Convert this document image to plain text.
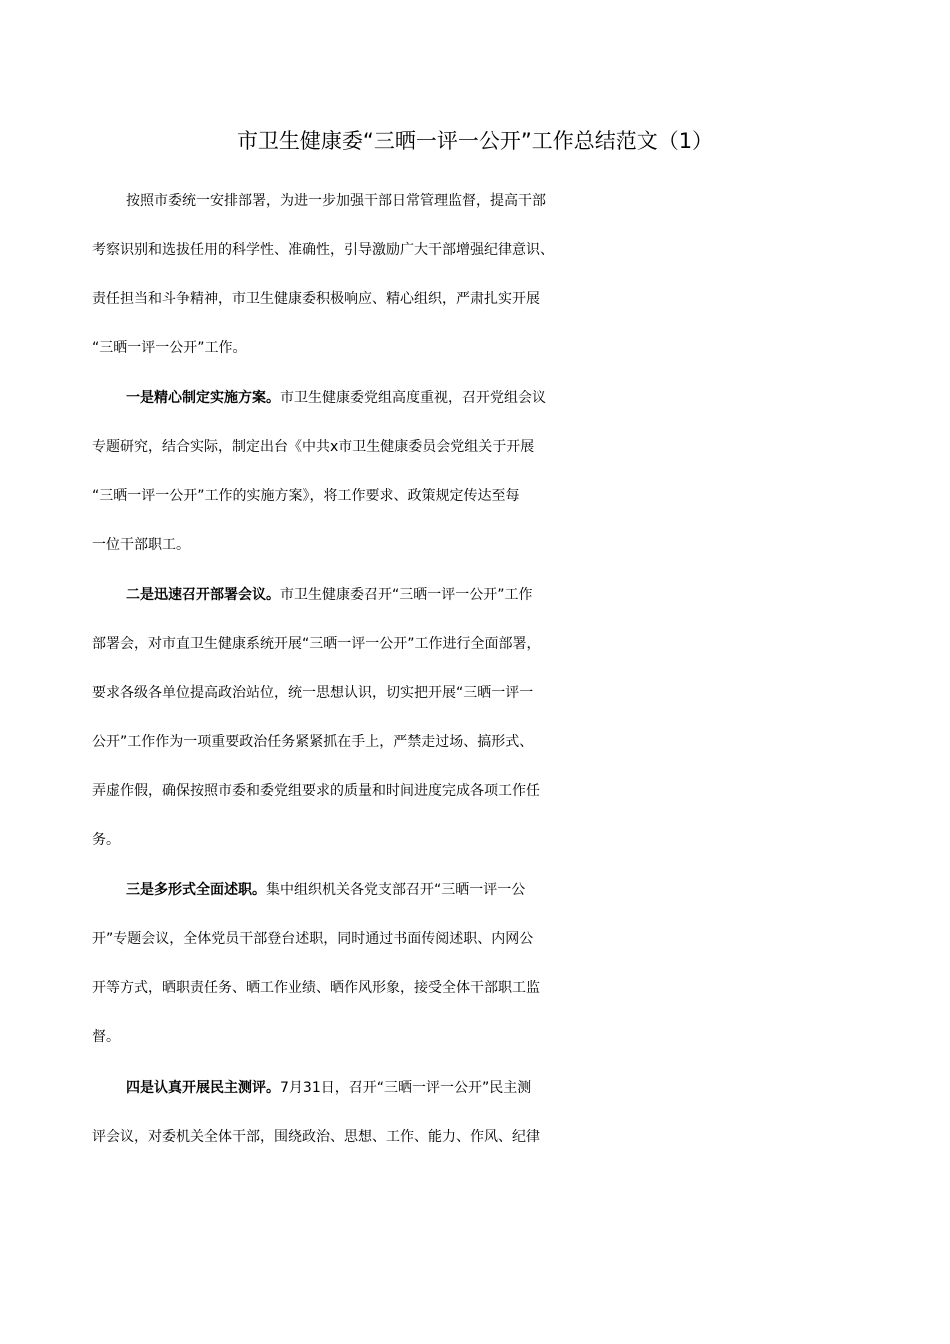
市卫生健康委“三晒一评一公开”工作总结范文（1）
按照市委统一安排部署，为进一步加强干部日常管理监督，提高干部
考察识别和选拔任用的科学性、准确性，引导激励广大干部增强纪律意识、
责任担当和斗争精神，市卫生健康委积极响应、精心组织，严肃扎实开展
“三晒一评一公开”工作。
一是精心制定实施方案。市卫生健康委党组高度重视，召开党组会议
专题研究，结合实际，制定出台《中共x市卫生健康委员会党组关于开展
“三晒一评一公开”工作的实施方案》，将工作要求、政策规定传达至每
一位干部职工。
二是迅速召开部署会议。市卫生健康委召开“三晒一评一公开”工作
部署会，对市直卫生健康系统开展“三晒一评一公开”工作进行全面部署，
要求各级各单位提高政治站位，统一思想认识，切实把开展“三晒一评一
公开”工作作为一项重要政治任务紧紧抓在手上，严禁走过场、搞形式、
弄虚作假，确保按照市委和委党组要求的质量和时间进度完成各项工作任
务。
三是多形式全面述职。集中组织机关各党支部召开“三晒一评一公
开”专题会议，全体党员干部登台述职，同时通过书面传阅述职、内网公
开等方式，晒职责任务、晒工作业绩、晒作风形象，接受全体干部职工监
督。
四是认真开展民主测评。7月31日，召开“三晒一评一公开”民主测
评会议，对委机关全体干部，围绕政治、思想、工作、能力、作风、纪律
